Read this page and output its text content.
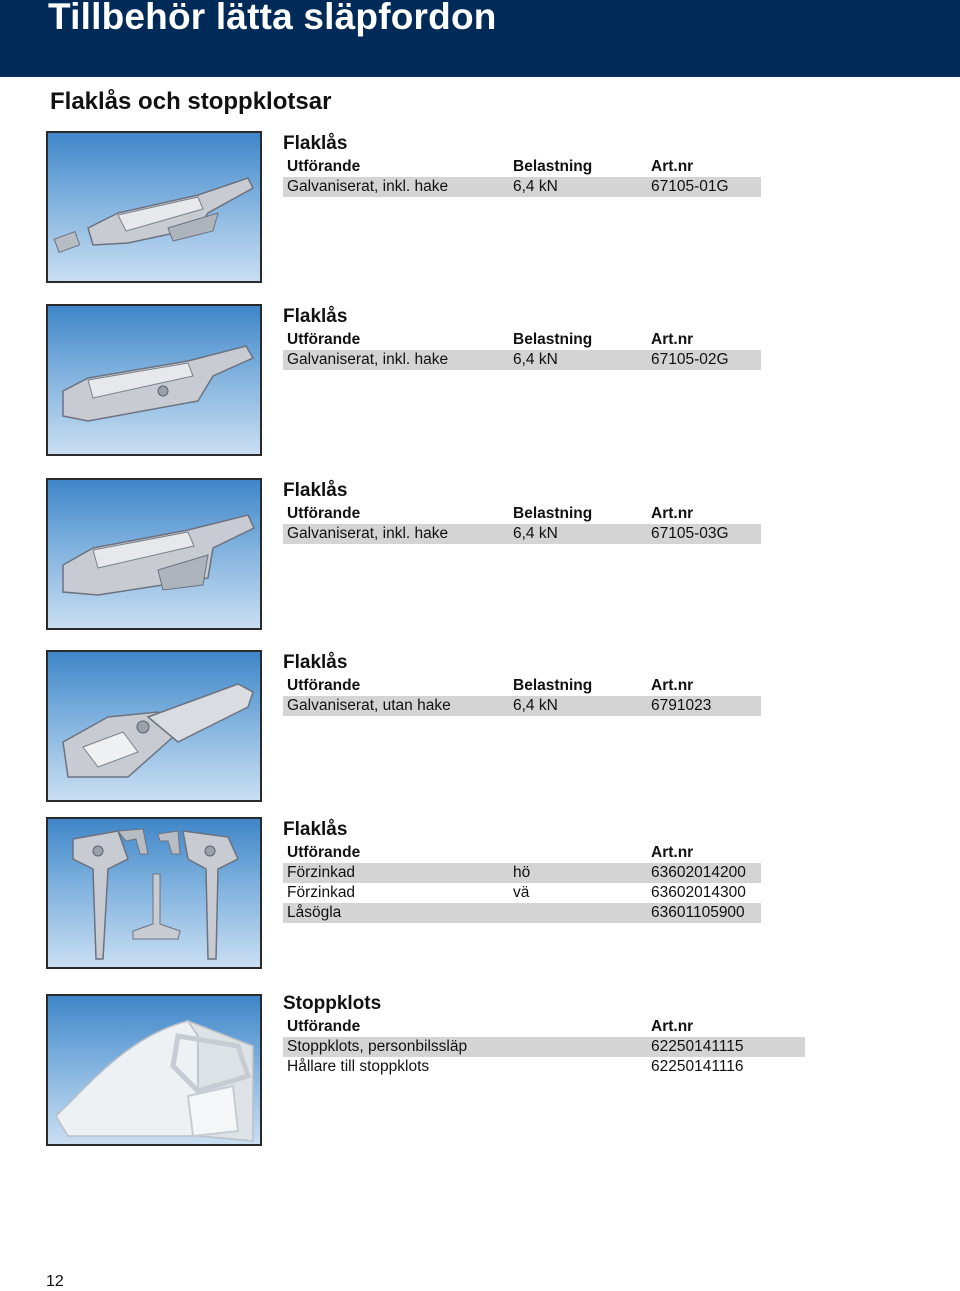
Tillbehör lätta släpfordon
Flaklås och stoppklotsar

Flaklås

Utförande	Belastning	Art.nr
Galvaniserat, inkl. hake	6,4 kN	67105-01G

Flaklås

Utförande	Belastning	Art.nr
Galvaniserat, inkl. hake	6,4 kN	67105-02G

Flaklås

Utförande	Belastning	Art.nr
Galvaniserat, inkl. hake	6,4 kN	67105-03G

Flaklås

Utförande	Belastning	Art.nr
Galvaniserat, utan hake	6,4 kN	6791023

Flaklås

Utförande		Art.nr
Förzinkad	hö	63602014200
Förzinkad	vä	63602014300
Låsögla		63601105900

Stoppklots

Utförande	Art.nr
Stoppklots, personbilssläp	62250141115
Hållare till stoppklots	62250141116
12
